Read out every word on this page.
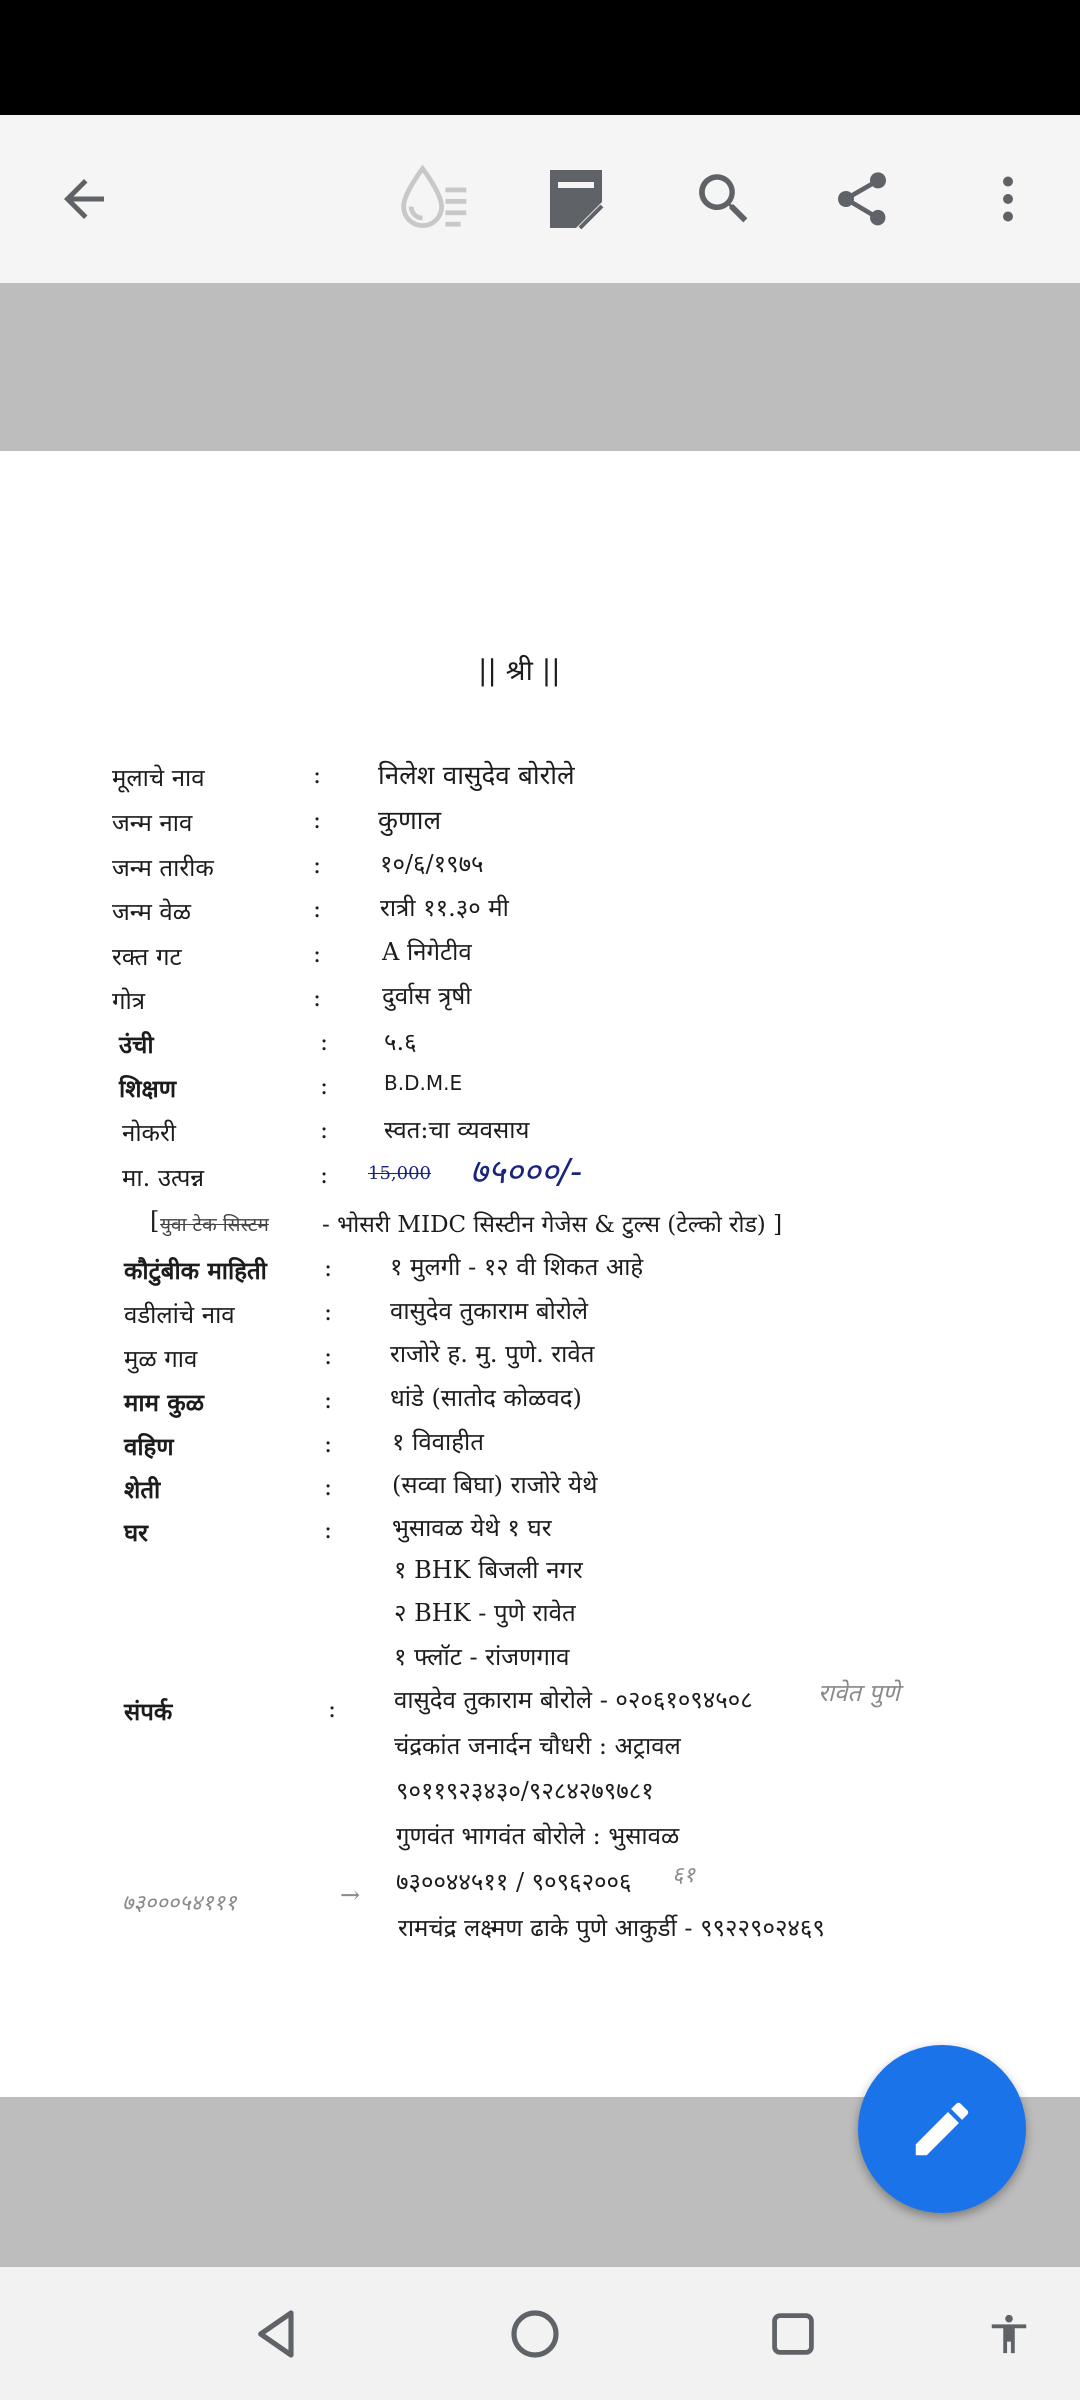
|| श्री ||
मूलाचे नाव	: निलेश वासुदेव बोरोले
जन्म नाव	: कुणाल
जन्म तारीक	: १०/६/१९७५
जन्म वेळ	: रात्री ११.३० मी
रक्त गट	:	A निगेटीव
गोत्र	:	दुर्वास त्रृषी
उंची	: ५.६
शिक्षण	:	B.D.M.E
नोकरी	: स्वत:चा व्यवसाय
मा. उत्पन्न	: 15,000 ७५०००/-
[ युवा टेक सिस्टम - भोसरी MIDC सिस्टीन गेजेस & टुल्स (टेल्को रोड) ]
कौटुंबीक माहिती : १ मुलगी - १२ वी शिकत आहे
वडीलांचे नाव	: वासुदेव तुकाराम बोरोले
मुळ गाव	: राजोरे ह. मु. पुणे. रावेत
माम कुळ	: धांडे (सातोद कोळवद)
वहिण	: १ विवाहीत
शेती	: (सव्वा बिघा) राजोरे येथे
घर	: भुसावळ येथे १ घर
१ BHK बिजली नगर
२ BHK - पुणे रावेत
१ फ्लॉट - रांजणगाव
संपर्क	: वासुदेव तुकाराम बोरोले - ०२०६१०९४५०८	रावेत पुणे
चंद्रकांत जनार्दन चौधरी : अट्रावल
९०११९२३४३०/९२८४२७९७८१
गुणवंत भागवंत बोरोले : भुसावळ
७३०००५४१११	→ ७३००४४५११ / ९०९६२००६ ६१
रामचंद्र लक्ष्मण ढाके पुणे आकुर्डी - ९९२२९०२४६९
